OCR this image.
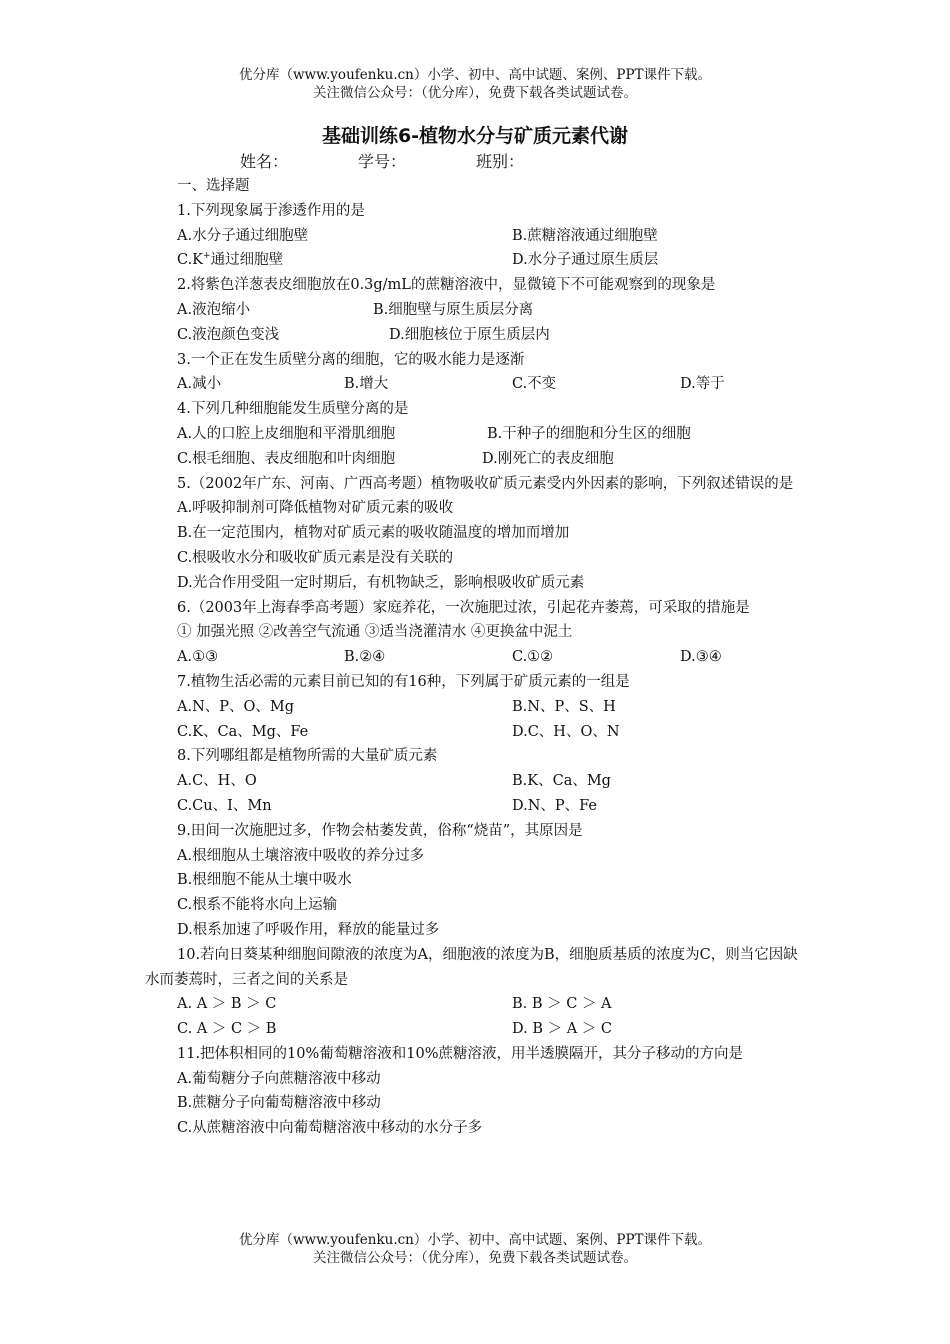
优分库（www.youfenku.cn）小学、初中、高中试题、案例、PPT课件下载。
关注微信公众号：（优分库），免费下载各类试题试卷。
基础训练6-植物水分与矿质元素代谢
姓名：	学号：	班别：
一、选择题
1.下列现象属于渗透作用的是
A.水分子通过细胞壁	B.蔗糖溶液通过细胞壁
C.K+通过细胞壁	D.水分子通过原生质层
2.将紫色洋葱表皮细胞放在0.3g/mL的蔗糖溶液中，显微镜下不可能观察到的现象是
A.液泡缩小	B.细胞壁与原生质层分离
C.液泡颜色变浅	D.细胞核位于原生质层内
3.一个正在发生质壁分离的细胞，它的吸水能力是逐渐
A.减小	B.增大	C.不变	D.等于
4.下列几种细胞能发生质壁分离的是
A.人的口腔上皮细胞和平滑肌细胞	B.干种子的细胞和分生区的细胞
C.根毛细胞、表皮细胞和叶肉细胞	D.刚死亡的表皮细胞
5.（2002年广东、河南、广西高考题）植物吸收矿质元素受内外因素的影响，下列叙述错误的是
A.呼吸抑制剂可降低植物对矿质元素的吸收
B.在一定范围内，植物对矿质元素的吸收随温度的增加而增加
C.根吸收水分和吸收矿质元素是没有关联的
D.光合作用受阻一定时期后，有机物缺乏，影响根吸收矿质元素
6.（2003年上海春季高考题）家庭养花，一次施肥过浓，引起花卉萎蔫，可采取的措施是
① 加强光照 ②改善空气流通 ③适当浇灌清水 ④更换盆中泥土
A.①③	B.②④	C.①②	D.③④
7.植物生活必需的元素目前已知的有16种，下列属于矿质元素的一组是
A.N、P、O、Mg	B.N、P、S、H
C.K、Ca、Mg、Fe	D.C、H、O、N
8.下列哪组都是植物所需的大量矿质元素
A.C、H、O	B.K、Ca、Mg
C.Cu、I、Mn	D.N、P、Fe
9.田间一次施肥过多，作物会枯萎发黄，俗称“烧苗”，其原因是
A.根细胞从土壤溶液中吸收的养分过多
B.根细胞不能从土壤中吸水
C.根系不能将水向上运输
D.根系加速了呼吸作用，释放的能量过多
10.若向日葵某种细胞间隙液的浓度为A，细胞液的浓度为B，细胞质基质的浓度为C，则当它因缺水而萎蔫时，三者之间的关系是
A. A ＞ B ＞ C	B. B ＞ C ＞ A
C. A ＞ C ＞ B	D. B ＞ A ＞ C
11.把体积相同的10%葡萄糖溶液和10%蔗糖溶液，用半透膜隔开，其分子移动的方向是
A.葡萄糖分子向蔗糖溶液中移动
B.蔗糖分子向葡萄糖溶液中移动
C.从蔗糖溶液中向葡萄糖溶液中移动的水分子多
优分库（www.youfenku.cn）小学、初中、高中试题、案例、PPT课件下载。
关注微信公众号：（优分库），免费下载各类试题试卷。
